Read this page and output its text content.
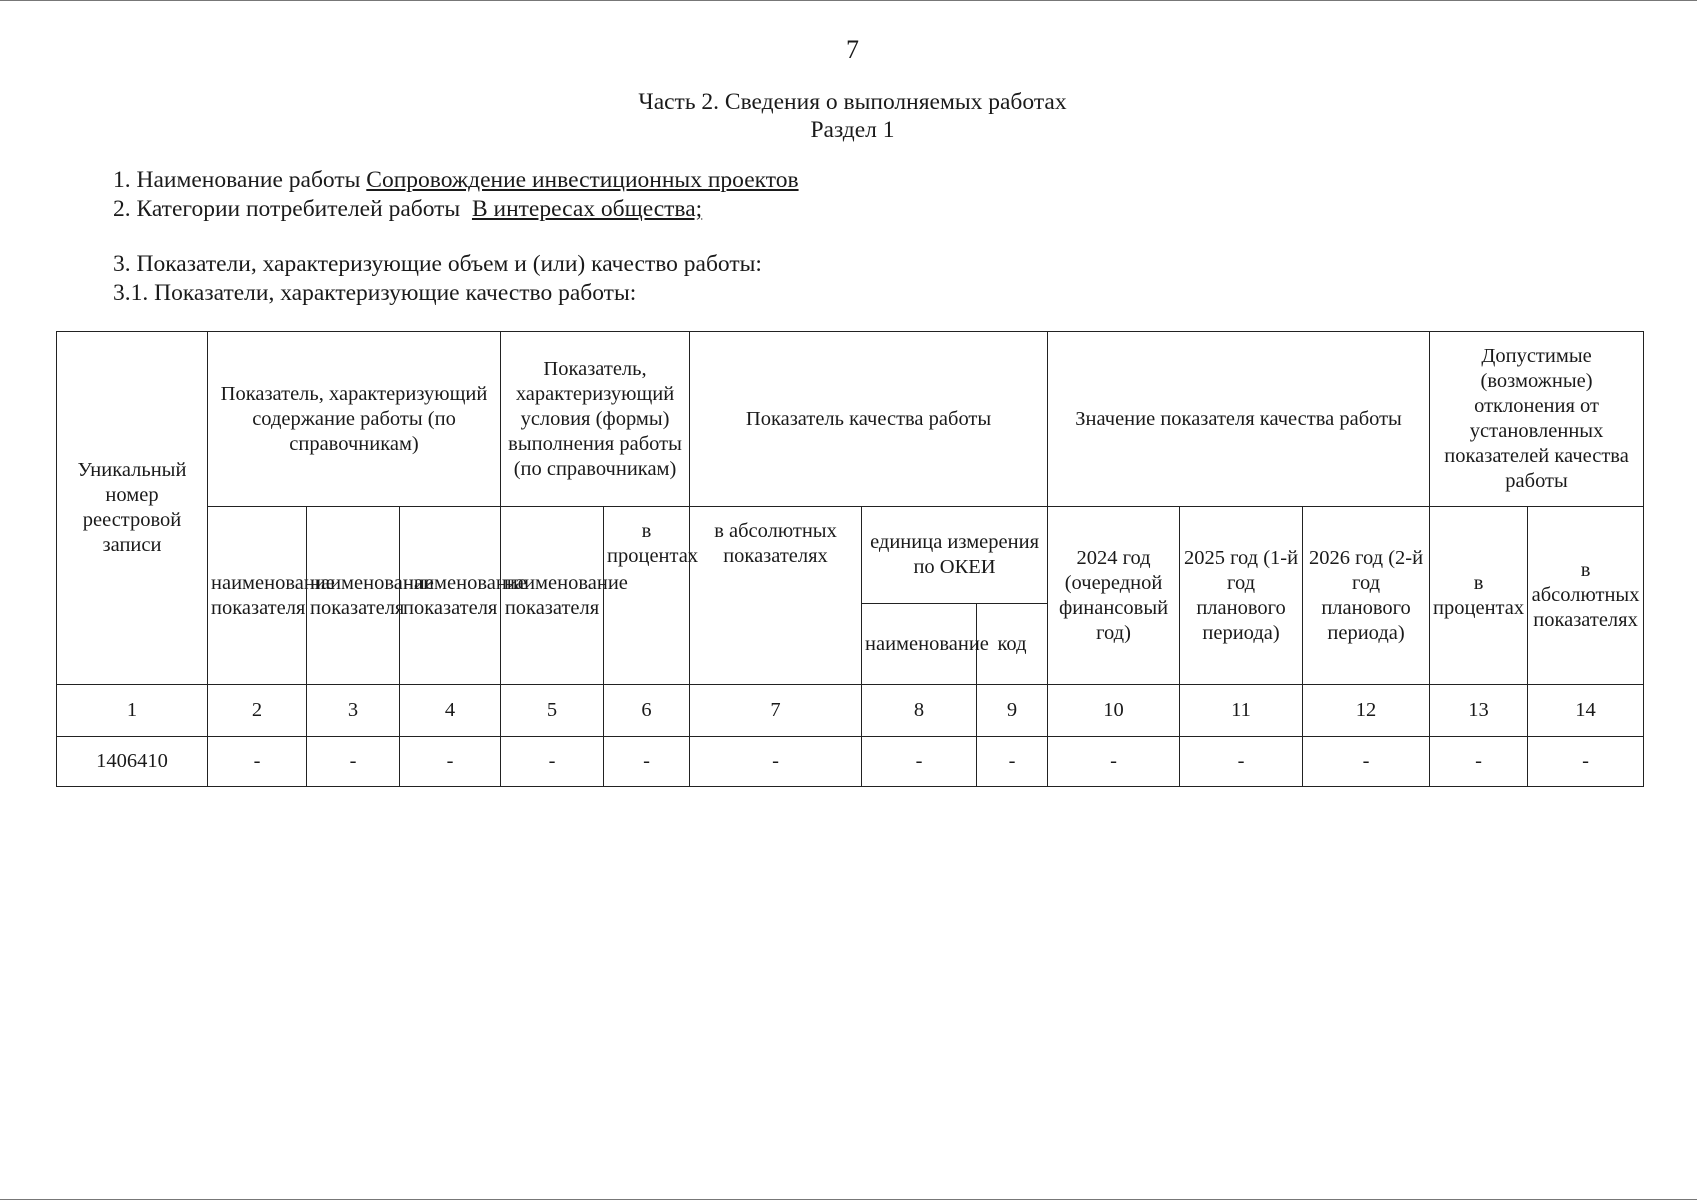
7
Часть 2. Сведения о выполняемых работах
Раздел 1
1. Наименование работы Сопровождение инвестиционных проектов
2. Категории потребителей работы В интересах общества;
3. Показатели, характеризующие объем и (или) качество работы:
3.1. Показатели, характеризующие качество работы:
Уникальный номер реестровой записи	Показатель, характеризующий содержание работы (по справочникам)			Показатель, характеризующий условия (формы) выполнения работы (по справочникам)		Показатель качества работы			Значение показателя качества работы			Допустимые (возможные) отклонения от установленных показателей качества работы	
	наименование показателя	наименование показателя	наименование показателя	наименование показателя	в процентах	в абсолютных показателях	единица измерения по ОКЕИ		2024 год (очередной финансовый год)	2025 год (1-й год планового периода)	2026 год (2-й год планового периода)	в процентах	в абсолютных показателях
							наименование	код					
1	2	3	4	5	6	7	8	9	10	11	12	13	14
1406410	-	-	-	-	-	-	-	-	-	-	-	-	-
